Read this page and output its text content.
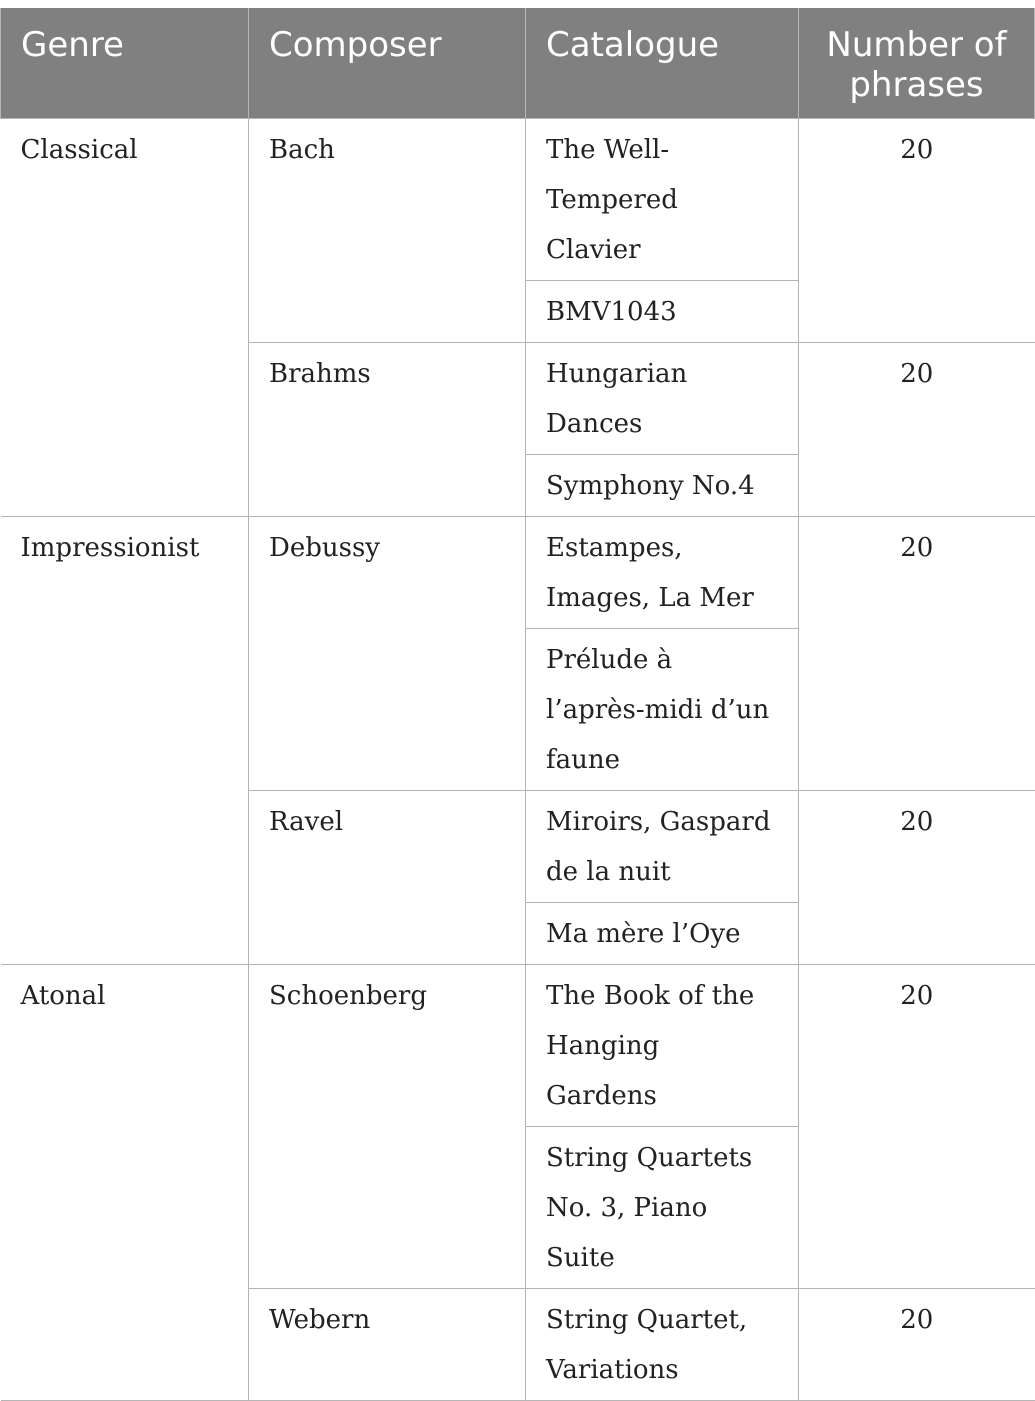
Genre	Composer	Catalogue	Number of
phrases
Classical	Bach	The Well-Tempered Clavier	20
		BMV1043	
	Brahms	Hungarian Dances	20
		Symphony No.4	
Impressionist	Debussy	Estampes, Images, La Mer	20
		Prélude à l’après-midi d’un faune	
	Ravel	Miroirs, Gaspard de la nuit	20
		Ma mère l’Oye	
Atonal	Schoenberg	The Book of the Hanging Gardens	20
		String Quartets No. 3, Piano Suite	
	Webern	String Quartet, Variations	20
